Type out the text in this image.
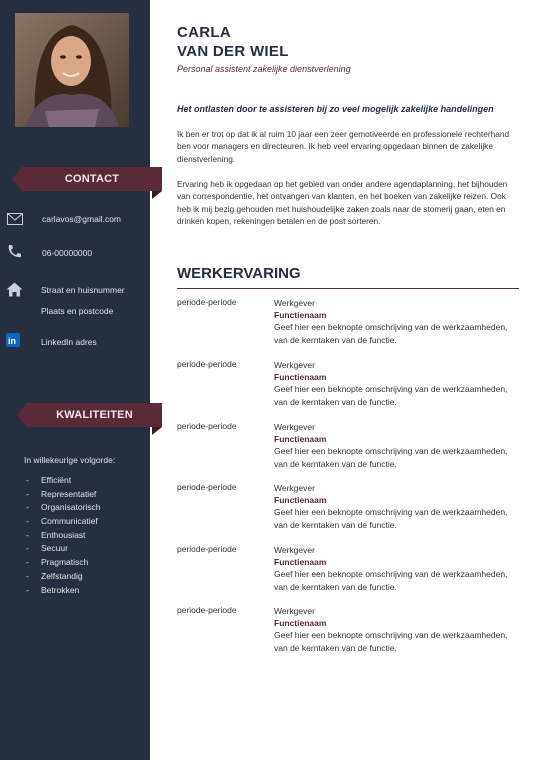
CONTACT
carlavos@gmail.com
06-00000000
Straat en huisnummer
Plaats en postcode
in	LinkedIn adres
KWALITEITEN
In willekeurige volgorde:
- Efficiënt
- Representatief
- Organisatorisch
- Communicatief
- Enthousiast
- Secuur
- Pragmatisch
- Zelfstandig
- Betrokken
CARLA
VAN DER WIEL
Personal assistent zakelijke dienstverlening
Het ontlasten door te assisteren bij zo veel mogelijk zakelijke handelingen
Ik ben er trot op dat ik al ruim 10 jaar een zeer gemotiveerde en professionele rechterhand ben voor managers en directeuren. Ik heb veel ervaring opgedaan binnen de zakelijke dienstverlening.
Ervaring heb ik opgedaan op het gebied van onder andere agendaplanning, het bijhouden van correspondentie, het ontvangen van klanten, en het boeken van zakelijke reizen. Ook heb ik mij bezig gehouden met huishoudelijke zaken zoals naar de stomerij gaan, eten en drinken kopen, rekeningen betalen en de post sorteren.
WERKERVARING
periode-periode	Werkgever
Functienaam
Geef hier een beknopte omschrijving van de werkzaamheden, van de kerntaken van de functie.
periode-periode	Werkgever
Functienaam
Geef hier een beknopte omschrijving van de werkzaamheden, van de kerntaken van de functie.
periode-periode	Werkgever
Functienaam
Geef hier een beknopte omschrijving van de werkzaamheden, van de kerntaken van de functie.
periode-periode	Werkgever
Functienaam
Geef hier een beknopte omschrijving van de werkzaamheden, van de kerntaken van de functie.
periode-periode	Werkgever
Functienaam
Geef hier een beknopte omschrijving van de werkzaamheden, van de kerntaken van de functie.
periode-periode	Werkgever
Functienaam
Geef hier een beknopte omschrijving van de werkzaamheden, van de kerntaken van de functie.
